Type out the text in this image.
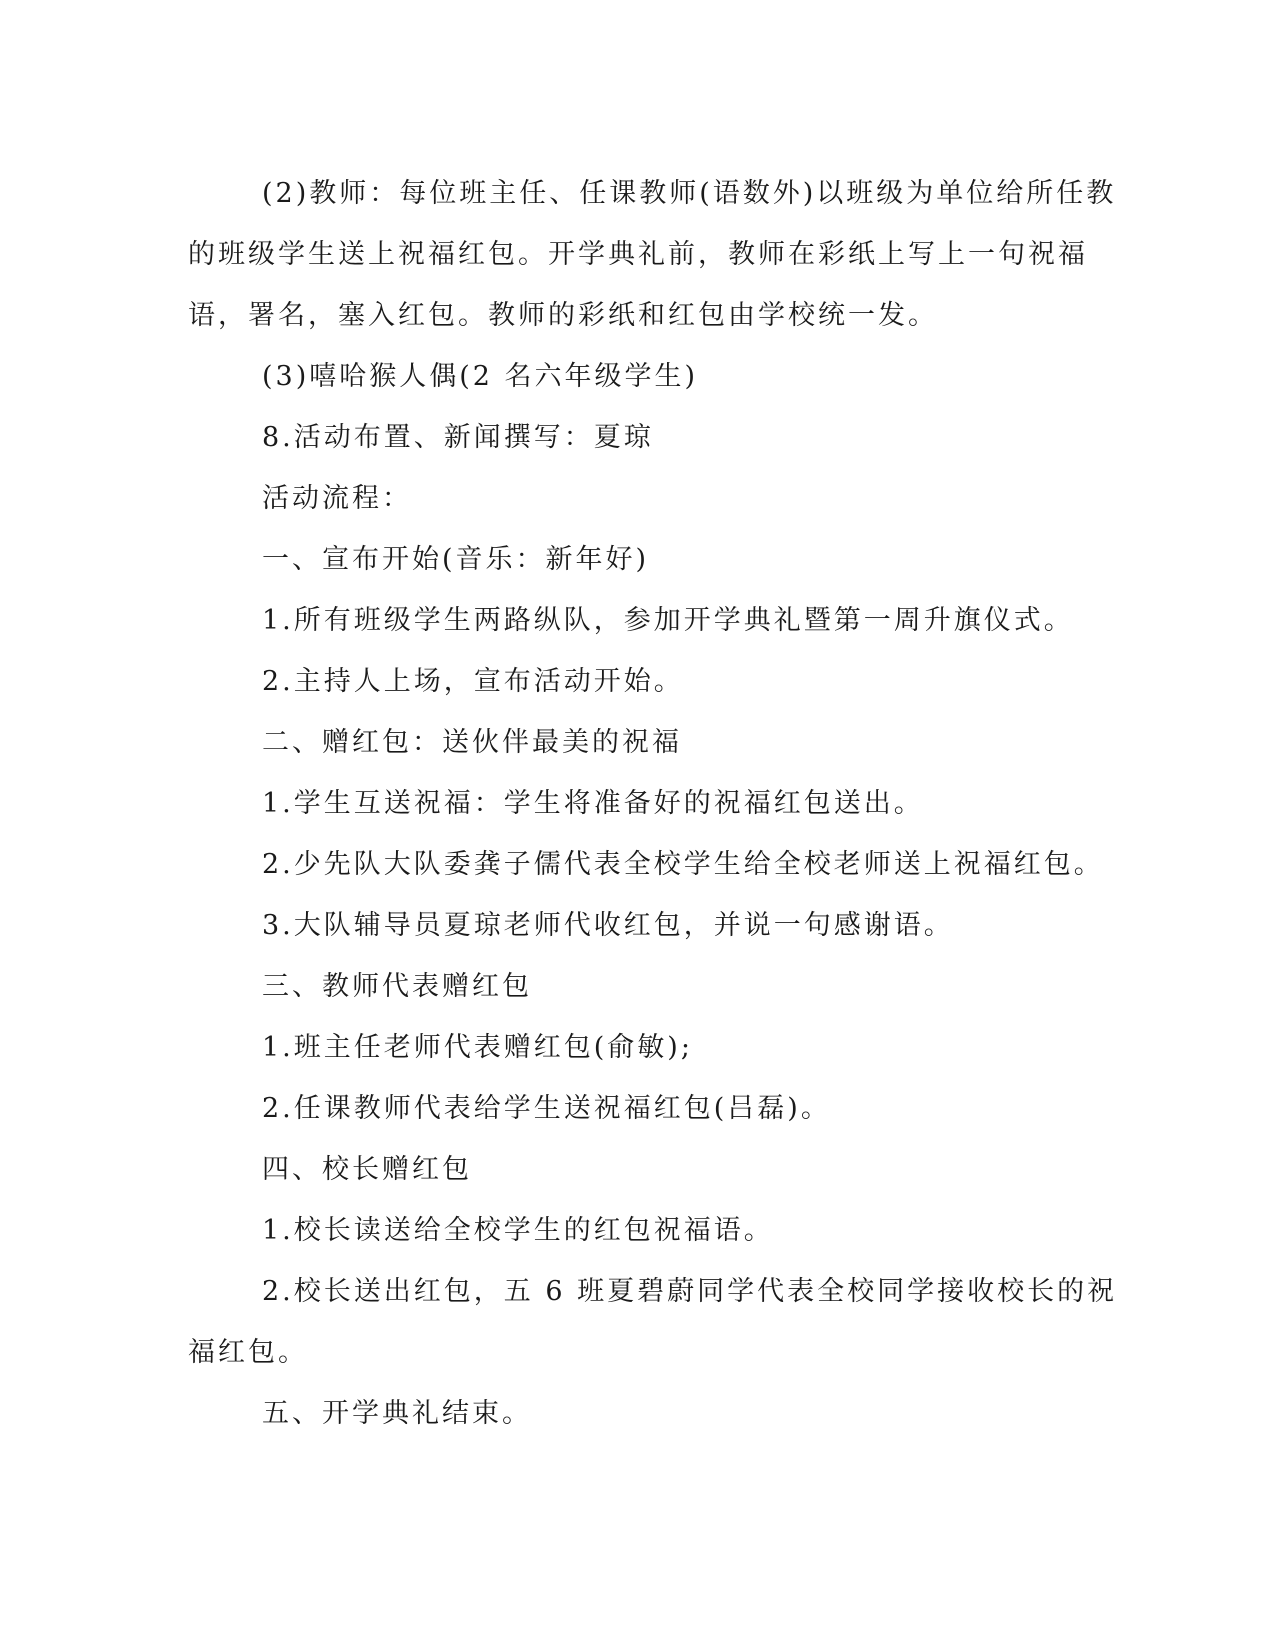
(2)教师：每位班主任、任课教师(语数外)以班级为单位给所任教
的班级学生送上祝福红包。开学典礼前，教师在彩纸上写上一句祝福
语，署名，塞入红包。教师的彩纸和红包由学校统一发。
(3)嘻哈猴人偶(2 名六年级学生)
8.活动布置、新闻撰写：夏琼
活动流程：
一、宣布开始(音乐：新年好)
1.所有班级学生两路纵队，参加开学典礼暨第一周升旗仪式。
2.主持人上场，宣布活动开始。
二、赠红包：送伙伴最美的祝福
1.学生互送祝福：学生将准备好的祝福红包送出。
2.少先队大队委龚子儒代表全校学生给全校老师送上祝福红包。
3.大队辅导员夏琼老师代收红包，并说一句感谢语。
三、教师代表赠红包
1.班主任老师代表赠红包(俞敏);
2.任课教师代表给学生送祝福红包(吕磊)。
四、校长赠红包
1.校长读送给全校学生的红包祝福语。
2.校长送出红包，五 6 班夏碧蔚同学代表全校同学接收校长的祝
福红包。
五、开学典礼结束。
